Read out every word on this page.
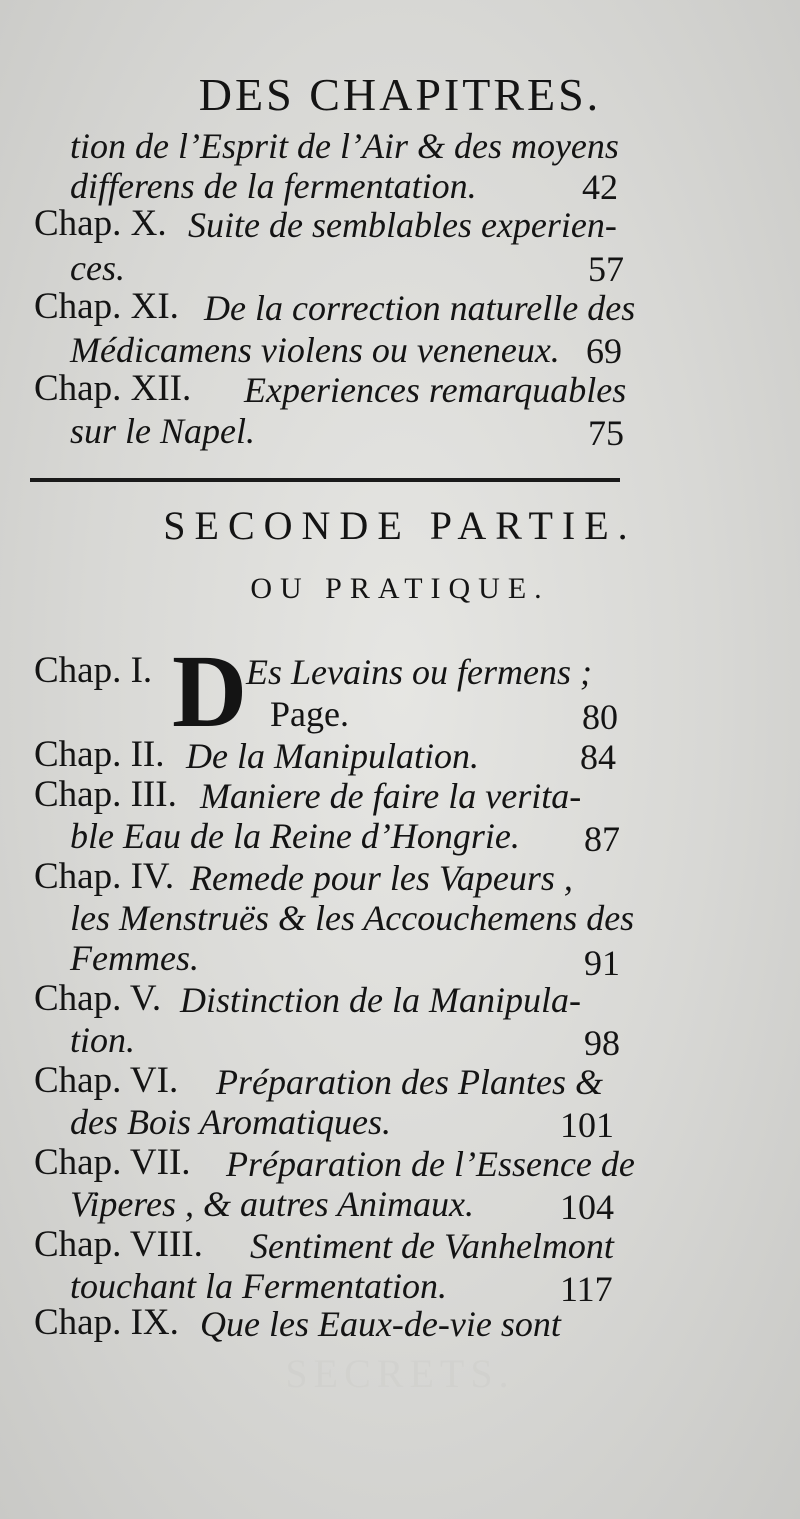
SECRETS.
DES CHAPITRES.
tion de l’Esprit de l’Air & des moyens
differens de la fermentation.	42
Chap. X. Suite de semblables experien-
ces.	57
Chap. XI. De la correction naturelle des
Médicamens violens ou veneneux. 69
Chap. XII. Experiences remarquables
sur le Napel.	75
SECONDE PARTIE.
OU PRATIQUE.
Chap. I. D
Es Levains ou fermens ;
Page.	80
Chap. II. De la Manipulation.	84
Chap. III. Maniere de faire la verita-
ble Eau de la Reine d’Hongrie. 87
Chap. IV. Remede pour les Vapeurs ,
les Menstruës & les Accouchemens des
Femmes.	91
Chap. V. Distinction de la Manipula-
tion.	98
Chap. VI. Préparation des Plantes &
des Bois Aromatiques.	101
Chap. VII. Préparation de l’Essence de
Viperes , & autres Animaux. 104
Chap. VIII. Sentiment de Vanhelmont
touchant la Fermentation.	117
Chap. IX. Que les Eaux-de-vie sont
